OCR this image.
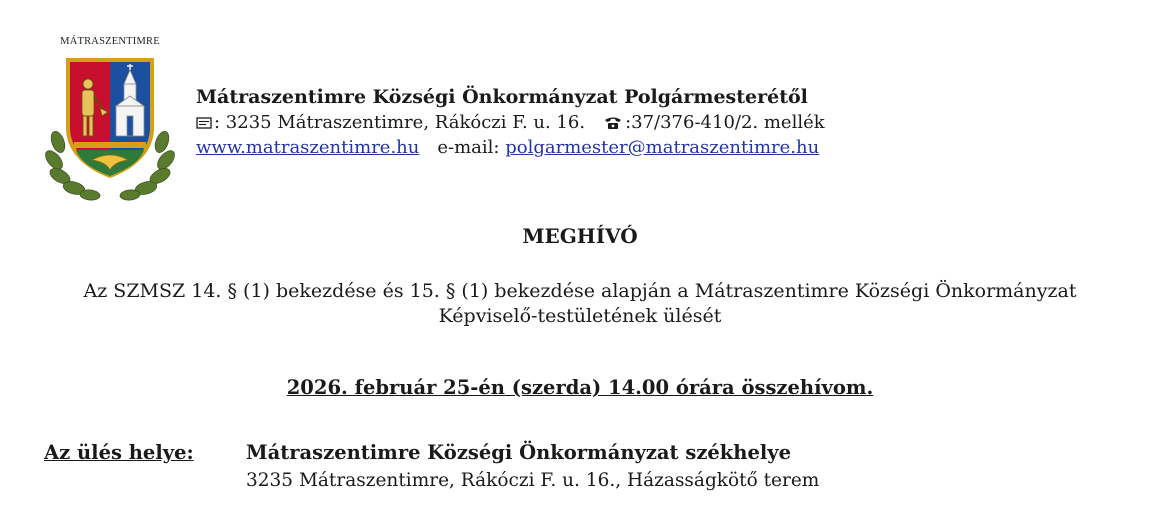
MÁTRASZENTIMRE
Mátraszentimre Községi Önkormányzat Polgármesterétől
: 3235 Mátraszentimre, Rákóczi F. u. 16. :37/376-410/2. mellék
www.matraszentimre.hu e-mail: polgarmester@matraszentimre.hu
MEGHÍVÓ
Az SZMSZ 14. § (1) bekezdése és 15. § (1) bekezdése alapján a Mátraszentimre Községi Önkormányzat
Képviselő-testületének ülését
2026. február 25-én (szerda) 14.00 órára összehívom.
Az ülés helye:	Mátraszentimre Községi Önkormányzat székhelye
3235 Mátraszentimre, Rákóczi F. u. 16., Házasságkötő terem
